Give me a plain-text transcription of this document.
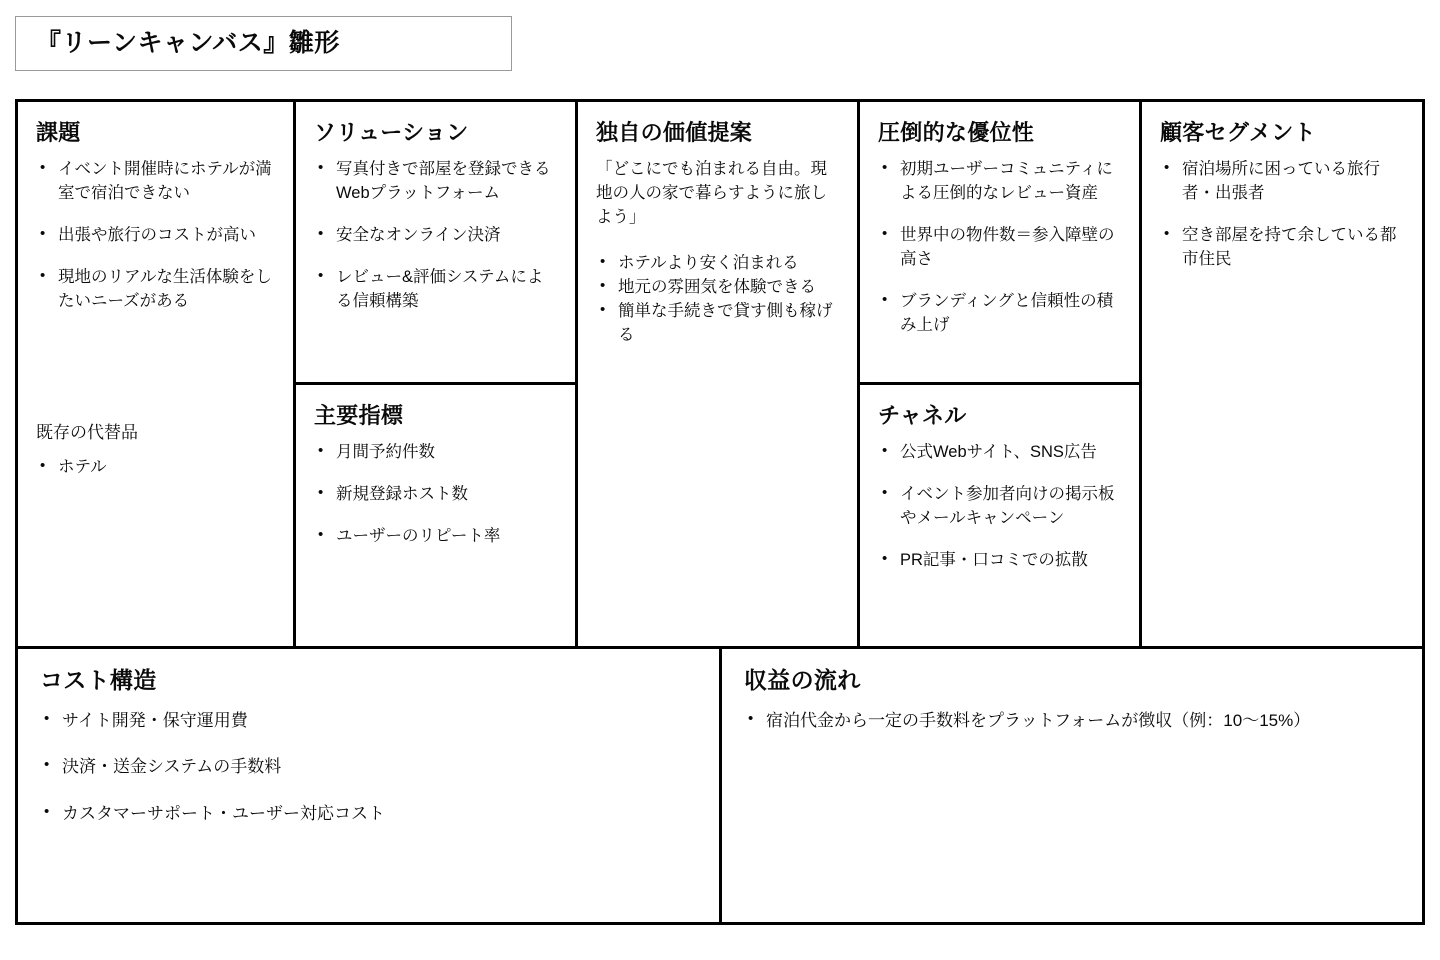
『リーンキャンバス』雛形
課題
• イベント開催時にホテルが満室で宿泊できない
• 出張や旅行のコストが高い
• 現地のリアルな生活体験をしたいニーズがある
既存の代替品
• ホテル
ソリューション
• 写真付きで部屋を登録できるWebプラットフォーム
• 安全なオンライン決済
• レビュー&評価システムによる信頼構築
主要指標
• 月間予約件数
• 新規登録ホスト数
• ユーザーのリピート率
独自の価値提案

「どこにでも泊まれる自由。現地の人の家で暮らすように旅しよう」

• ホテルより安く泊まれる
• 地元の雰囲気を体験できる
• 簡単な手続きで貸す側も稼げる
圧倒的な優位性
• 初期ユーザーコミュニティによる圧倒的なレビュー資産
• 世界中の物件数＝参入障壁の高さ
• ブランディングと信頼性の積み上げ
チャネル
• 公式Webサイト、SNS広告
• イベント参加者向けの掲示板やメールキャンペーン
• PR記事・口コミでの拡散
顧客セグメント
• 宿泊場所に困っている旅行者・出張者
• 空き部屋を持て余している都市住民
コスト構造
• サイト開発・保守運用費
• 決済・送金システムの手数料
• カスタマーサポート・ユーザー対応コスト
収益の流れ
• 宿泊代金から一定の手数料をプラットフォームが徴収（例：10～15%）
